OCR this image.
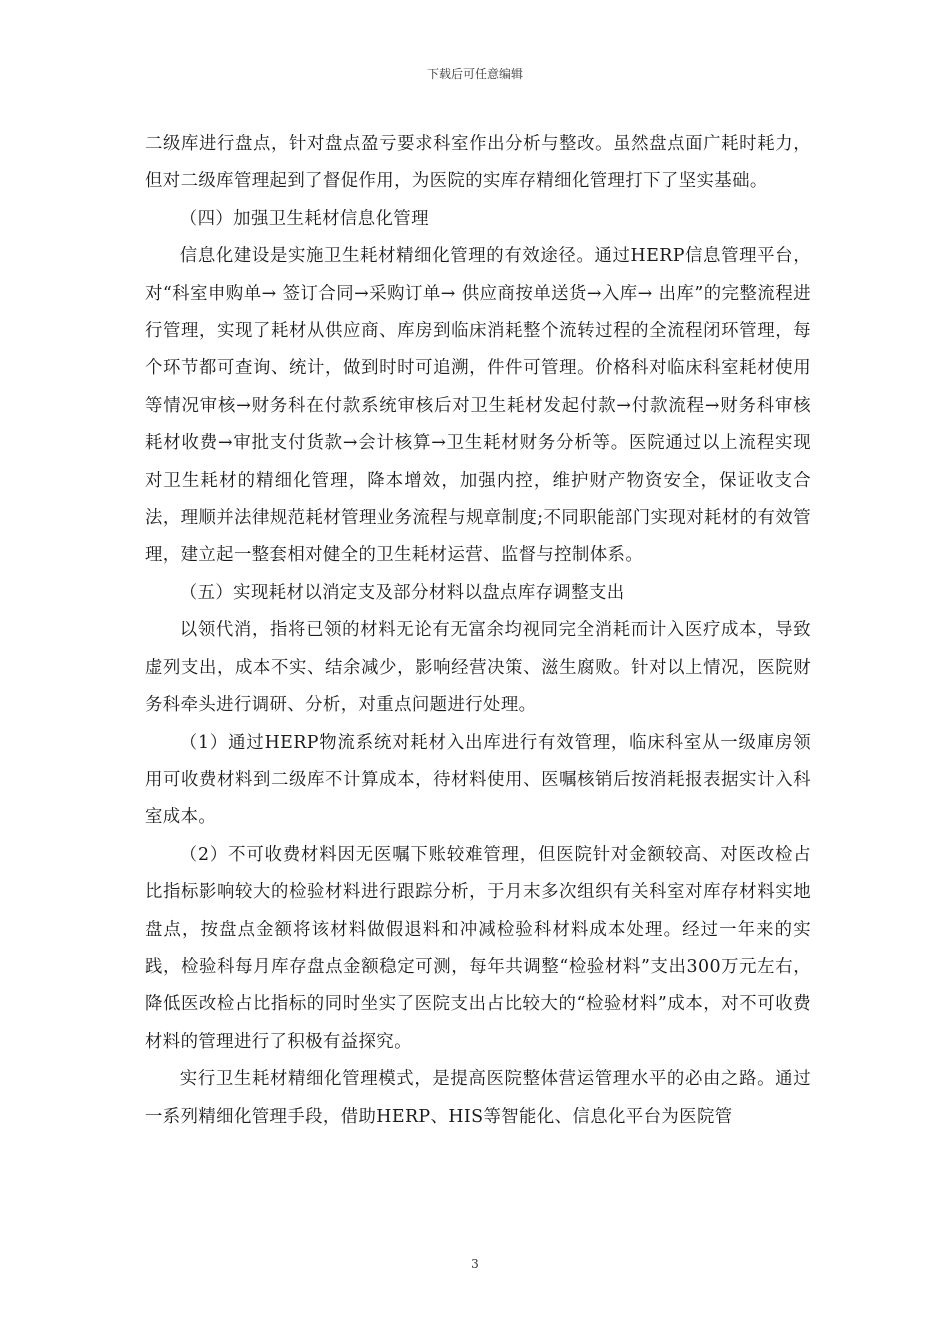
下载后可任意编辑

二级库进行盘点，针对盘点盈亏要求科室作出分析与整改。虽然盘点面广耗时耗力，但对二级库管理起到了督促作用，为医院的实库存精细化管理打下了坚实基础。

（四）加强卫生耗材信息化管理

信息化建设是实施卫生耗材精细化管理的有效途径。通过HERP信息管理平台，对“科室申购单→ 签订合同→采购订单→ 供应商按单送货→入库→ 出库”的完整流程进行管理，实现了耗材从供应商、库房到临床消耗整个流转过程的全流程闭环管理，每个环节都可查询、统计，做到时时可追溯，件件可管理。价格科对临床科室耗材使用等情况审核→财务科在付款系统审核后对卫生耗材发起付款→付款流程→财务科审核耗材收费→审批支付货款→会计核算→卫生耗材财务分析等。医院通过以上流程实现对卫生耗材的精细化管理，降本增效，加强内控，维护财产物资安全，保证收支合法，理顺并法律规范耗材管理业务流程与规章制度;不同职能部门实现对耗材的有效管理，建立起一整套相对健全的卫生耗材运营、监督与控制体系。

（五）实现耗材以消定支及部分材料以盘点库存调整支出

以领代消，指将已领的材料无论有无富余均视同完全消耗而计入医疗成本，导致虚列支出，成本不实、结余减少，影响经营决策、滋生腐败。针对以上情况，医院财务科牵头进行调研、分析，对重点问题进行处理。

（1）通过HERP物流系统对耗材入出库进行有效管理，临床科室从一级庫房领用可收费材料到二级库不计算成本，待材料使用、医嘱核销后按消耗报表据实计入科室成本。

（2）不可收费材料因无医嘱下账较难管理，但医院针对金额较高、对医改检占比指标影响较大的检验材料进行跟踪分析，于月末多次组织有关科室对库存材料实地盘点，按盘点金额将该材料做假退料和冲减检验科材料成本处理。经过一年来的实践，检验科每月库存盘点金额稳定可测，每年共调整“检验材料”支出300万元左右，降低医改检占比指标的同时坐实了医院支出占比较大的“检验材料”成本，对不可收费材料的管理进行了积极有益探究。

实行卫生耗材精细化管理模式，是提高医院整体营运管理水平的必由之路。通过一系列精细化管理手段，借助HERP、HIS等智能化、信息化平台为医院管

3
